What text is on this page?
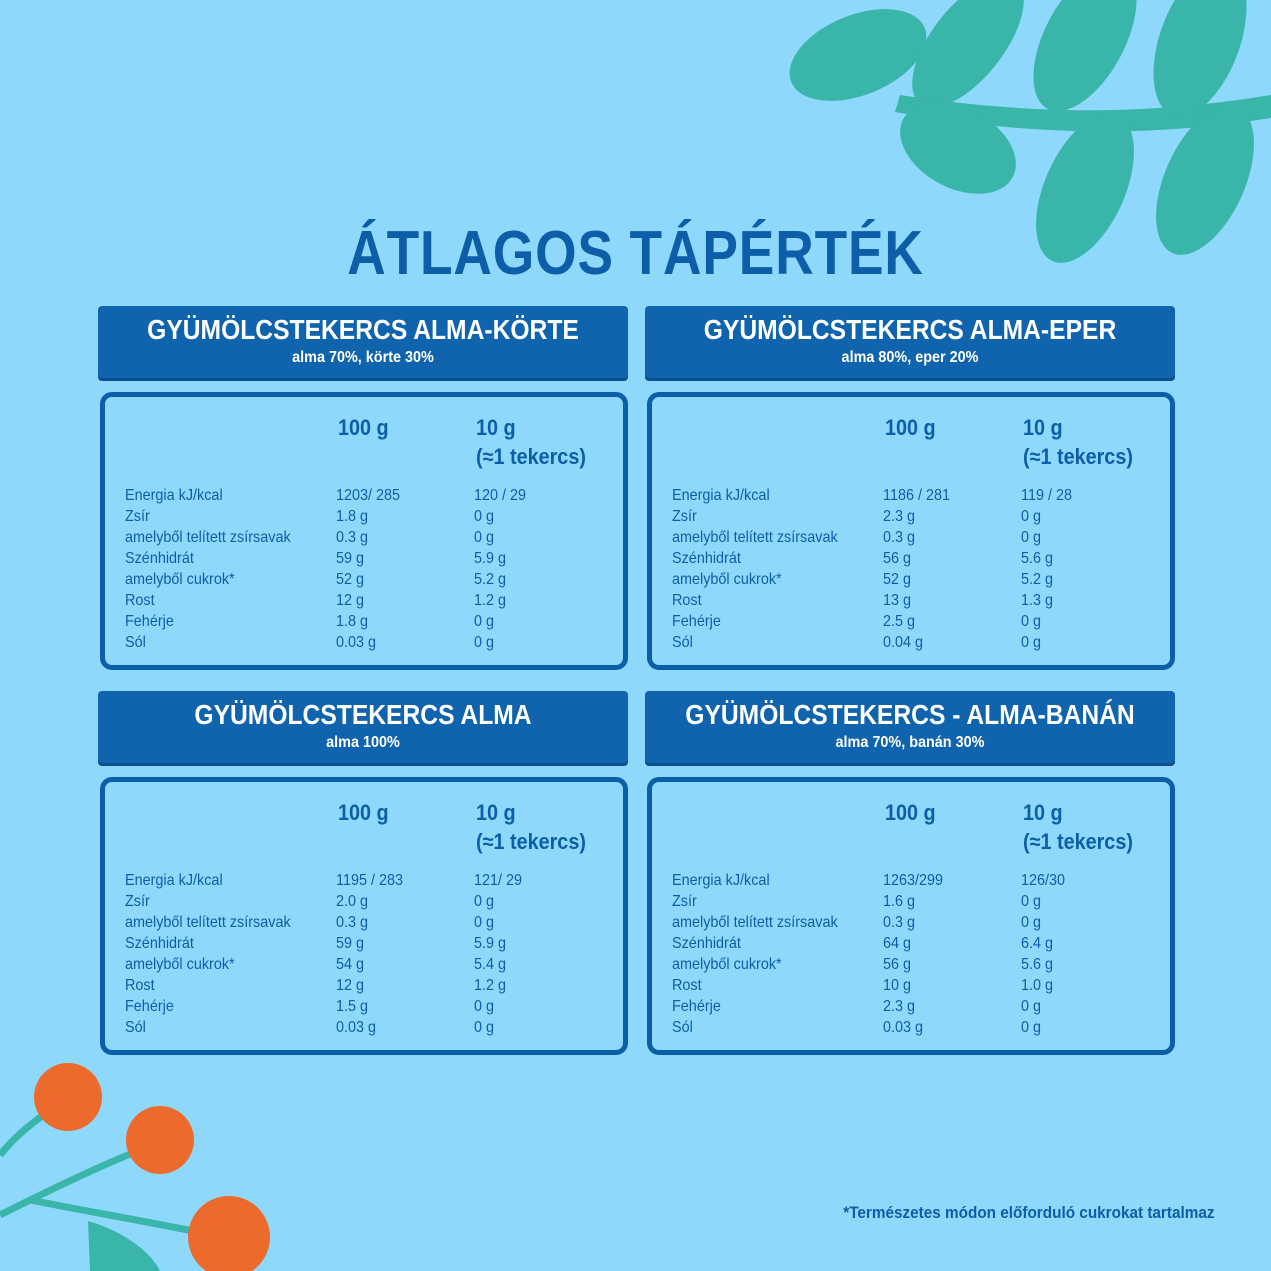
ÁTLAGOS TÁPÉRTÉK
GYÜMÖLCSTEKERCS ALMA-KÖRTE
alma 70%, körte 30%
100 g	10 g
(≈1 tekercs)
Energia kJ/kcal	1203/ 285	120 / 29
Zsír	1.8 g	0 g
amelyből telített zsírsavak	0.3 g	0 g
Szénhidrát	59 g	5.9 g
amelyből cukrok*	52 g	5.2 g
Rost	12 g	1.2 g
Fehérje	1.8 g	0 g
Sól	0.03 g	0 g
GYÜMÖLCSTEKERCS ALMA-EPER
alma 80%, eper 20%
100 g	10 g
(≈1 tekercs)
Energia kJ/kcal	1186 / 281	119 / 28
Zsír	2.3 g	0 g
amelyből telített zsírsavak	0.3 g	0 g
Szénhidrát	56 g	5.6 g
amelyből cukrok*	52 g	5.2 g
Rost	13 g	1.3 g
Fehérje	2.5 g	0 g
Sól	0.04 g	0 g
GYÜMÖLCSTEKERCS ALMA
alma 100%
100 g	10 g
(≈1 tekercs)
Energia kJ/kcal	1195 / 283	121/ 29
Zsír	2.0 g	0 g
amelyből telített zsírsavak	0.3 g	0 g
Szénhidrát	59 g	5.9 g
amelyből cukrok*	54 g	5.4 g
Rost	12 g	1.2 g
Fehérje	1.5 g	0 g
Sól	0.03 g	0 g
GYÜMÖLCSTEKERCS - ALMA-BANÁN
alma 70%, banán 30%
100 g	10 g
(≈1 tekercs)
Energia kJ/kcal	1263/299	126/30
Zsír	1.6 g	0 g
amelyből telített zsírsavak	0.3 g	0 g
Szénhidrát	64 g	6.4 g
amelyből cukrok*	56 g	5.6 g
Rost	10 g	1.0 g
Fehérje	2.3 g	0 g
Sól	0.03 g	0 g
*Természetes módon előforduló cukrokat tartalmaz
